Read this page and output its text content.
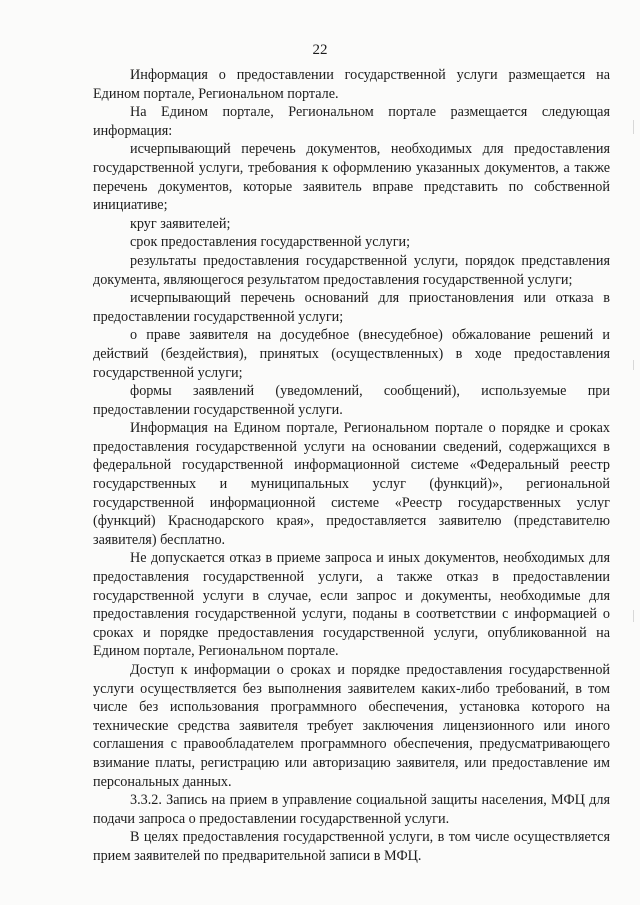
22

Информация о предоставлении государственной услуги размещается на Едином портале, Региональном портале.

На Едином портале, Региональном портале размещается следующая информация:

исчерпывающий перечень документов, необходимых для предоставления государственной услуги, требования к оформлению указанных документов, а также перечень документов, которые заявитель вправе представить по собственной инициативе;

круг заявителей;

срок предоставления государственной услуги;

результаты предоставления государственной услуги, порядок представления документа, являющегося результатом предоставления государственной услуги;

исчерпывающий перечень оснований для приостановления или отказа в предоставлении государственной услуги;

о праве заявителя на досудебное (внесудебное) обжалование решений и действий (бездействия), принятых (осуществленных) в ходе предоставления государственной услуги;

формы заявлений (уведомлений, сообщений), используемые при предоставлении государственной услуги.

Информация на Едином портале, Региональном портале о порядке и сроках предоставления государственной услуги на основании сведений, содержащихся в федеральной государственной информационной системе «Федеральный реестр государственных и муниципальных услуг (функций)», региональной государственной информационной системе «Реестр государственных услуг (функций) Краснодарского края», предоставляется заявителю (представителю заявителя) бесплатно.

Не допускается отказ в приеме запроса и иных документов, необходимых для предоставления государственной услуги, а также отказ в предоставлении государственной услуги в случае, если запрос и документы, необходимые для предоставления государственной услуги, поданы в соответствии с информацией о сроках и порядке предоставления государственной услуги, опубликованной на Едином портале, Региональном портале.

Доступ к информации о сроках и порядке предоставления государственной услуги осуществляется без выполнения заявителем каких-либо требований, в том числе без использования программного обеспечения, установка которого на технические средства заявителя требует заключения лицензионного или иного соглашения с правообладателем программного обеспечения, предусматривающего взимание платы, регистрацию или авторизацию заявителя, или предоставление им персональных данных.

3.3.2. Запись на прием в управление социальной защиты населения, МФЦ для подачи запроса о предоставлении государственной услуги.

В целях предоставления государственной услуги, в том числе осуществляется прием заявителей по предварительной записи в МФЦ.
